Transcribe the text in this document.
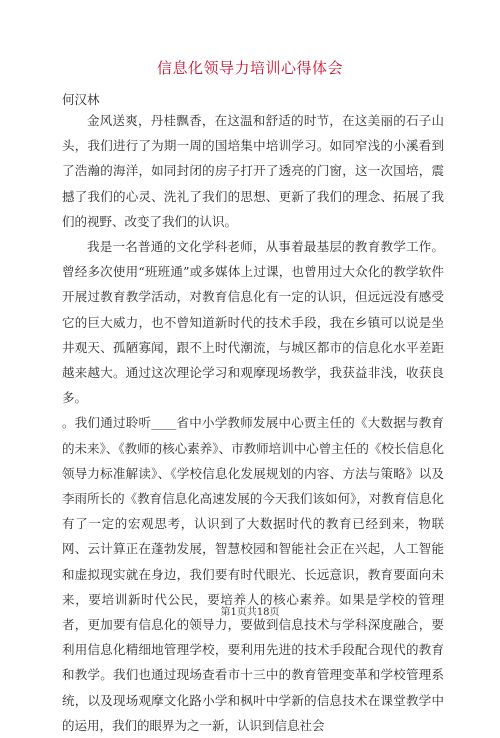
信息化领导力培训心得体会
何汉林

金风送爽，丹桂飘香，在这温和舒适的时节，在这美丽的石子山头，我们进行了为期一周的国培集中培训学习。如同窄浅的小溪看到了浩瀚的海洋，如同封闭的房子打开了透亮的门窗，这一次国培，震撼了我们的心灵、洗礼了我们的思想、更新了我们的理念、拓展了我们的视野、改变了我们的认识。

我是一名普通的文化学科老师，从事着最基层的教育教学工作。曾经多次使用“班班通”或多媒体上过课，也曾用过大众化的教学软件开展过教育教学活动，对教育信息化有一定的认识，但远远没有感受它的巨大威力，也不曾知道新时代的技术手段，我在乡镇可以说是坐井观天、孤陋寡闻，跟不上时代潮流，与城区都市的信息化水平差距越来越大。通过这次理论学习和观摩现场教学，我获益非浅，收获良多。

。我们通过聆听____省中小学教师发展中心贾主任的《大数据与教育的未来》、《教师的核心素养》、市教师培训中心曾主任的《校长信息化领导力标准解读》、《学校信息化发展规划的内容、方法与策略》以及李雨所长的《教育信息化高速发展的今天我们该如何》，对教育信息化有了一定的宏观思考，认识到了大数据时代的教育已经到来，物联网、云计算正在蓬勃发展，智慧校园和智能社会正在兴起，人工智能和虚拟现实就在身边，我们要有时代眼光、长远意识，教育要面向未来，要培训新时代公民，要培养人的核心素养。如果是学校的管理者，更加要有信息化的领导力，要做到信息技术与学科深度融合，要利用信息化精细地管理学校，要利用先进的技术手段配合现代的教育和教学。我们也通过现场查看市十三中的教育管理变革和学校管理系统，以及现场观摩文化路小学和枫叶中学新的信息技术在课堂教学中的运用，我们的眼界为之一新，认识到信息社会

第1页共18页
